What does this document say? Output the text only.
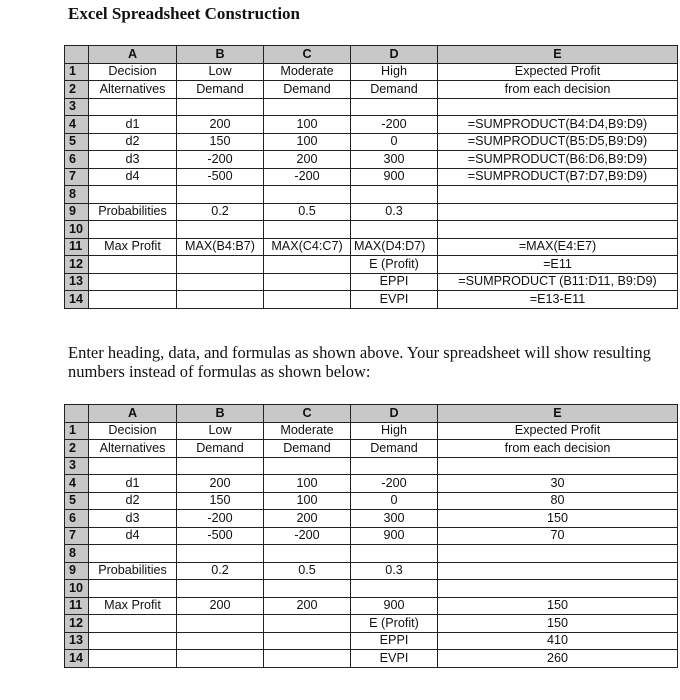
Excel Spreadsheet Construction
	A	B	C	D	E
1	Decision	Low	Moderate	High	Expected Profit
2	Alternatives	Demand	Demand	Demand	from each decision
3					
4	d1	200	100	-200	=SUMPRODUCT(B4:D4,B9:D9)
5	d2	150	100	0	=SUMPRODUCT(B5:D5,B9:D9)
6	d3	-200	200	300	=SUMPRODUCT(B6:D6,B9:D9)
7	d4	-500	-200	900	=SUMPRODUCT(B7:D7,B9:D9)
8					
9	Probabilities	0.2	0.5	0.3	
10					
11	Max Profit	MAX(B4:B7)	MAX(C4:C7)	MAX(D4:D7)	=MAX(E4:E7)
12				E (Profit)	=E11
13				EPPI	=SUMPRODUCT (B11:D11, B9:D9)
14				EVPI	=E13-E11
Enter heading, data, and formulas as shown above. Your spreadsheet will show resulting numbers instead of formulas as shown below:
	A	B	C	D	E
1	Decision	Low	Moderate	High	Expected Profit
2	Alternatives	Demand	Demand	Demand	from each decision
3					
4	d1	200	100	-200	30
5	d2	150	100	0	80
6	d3	-200	200	300	150
7	d4	-500	-200	900	70
8					
9	Probabilities	0.2	0.5	0.3	
10					
11	Max Profit	200	200	900	150
12				E (Profit)	150
13				EPPI	410
14				EVPI	260
